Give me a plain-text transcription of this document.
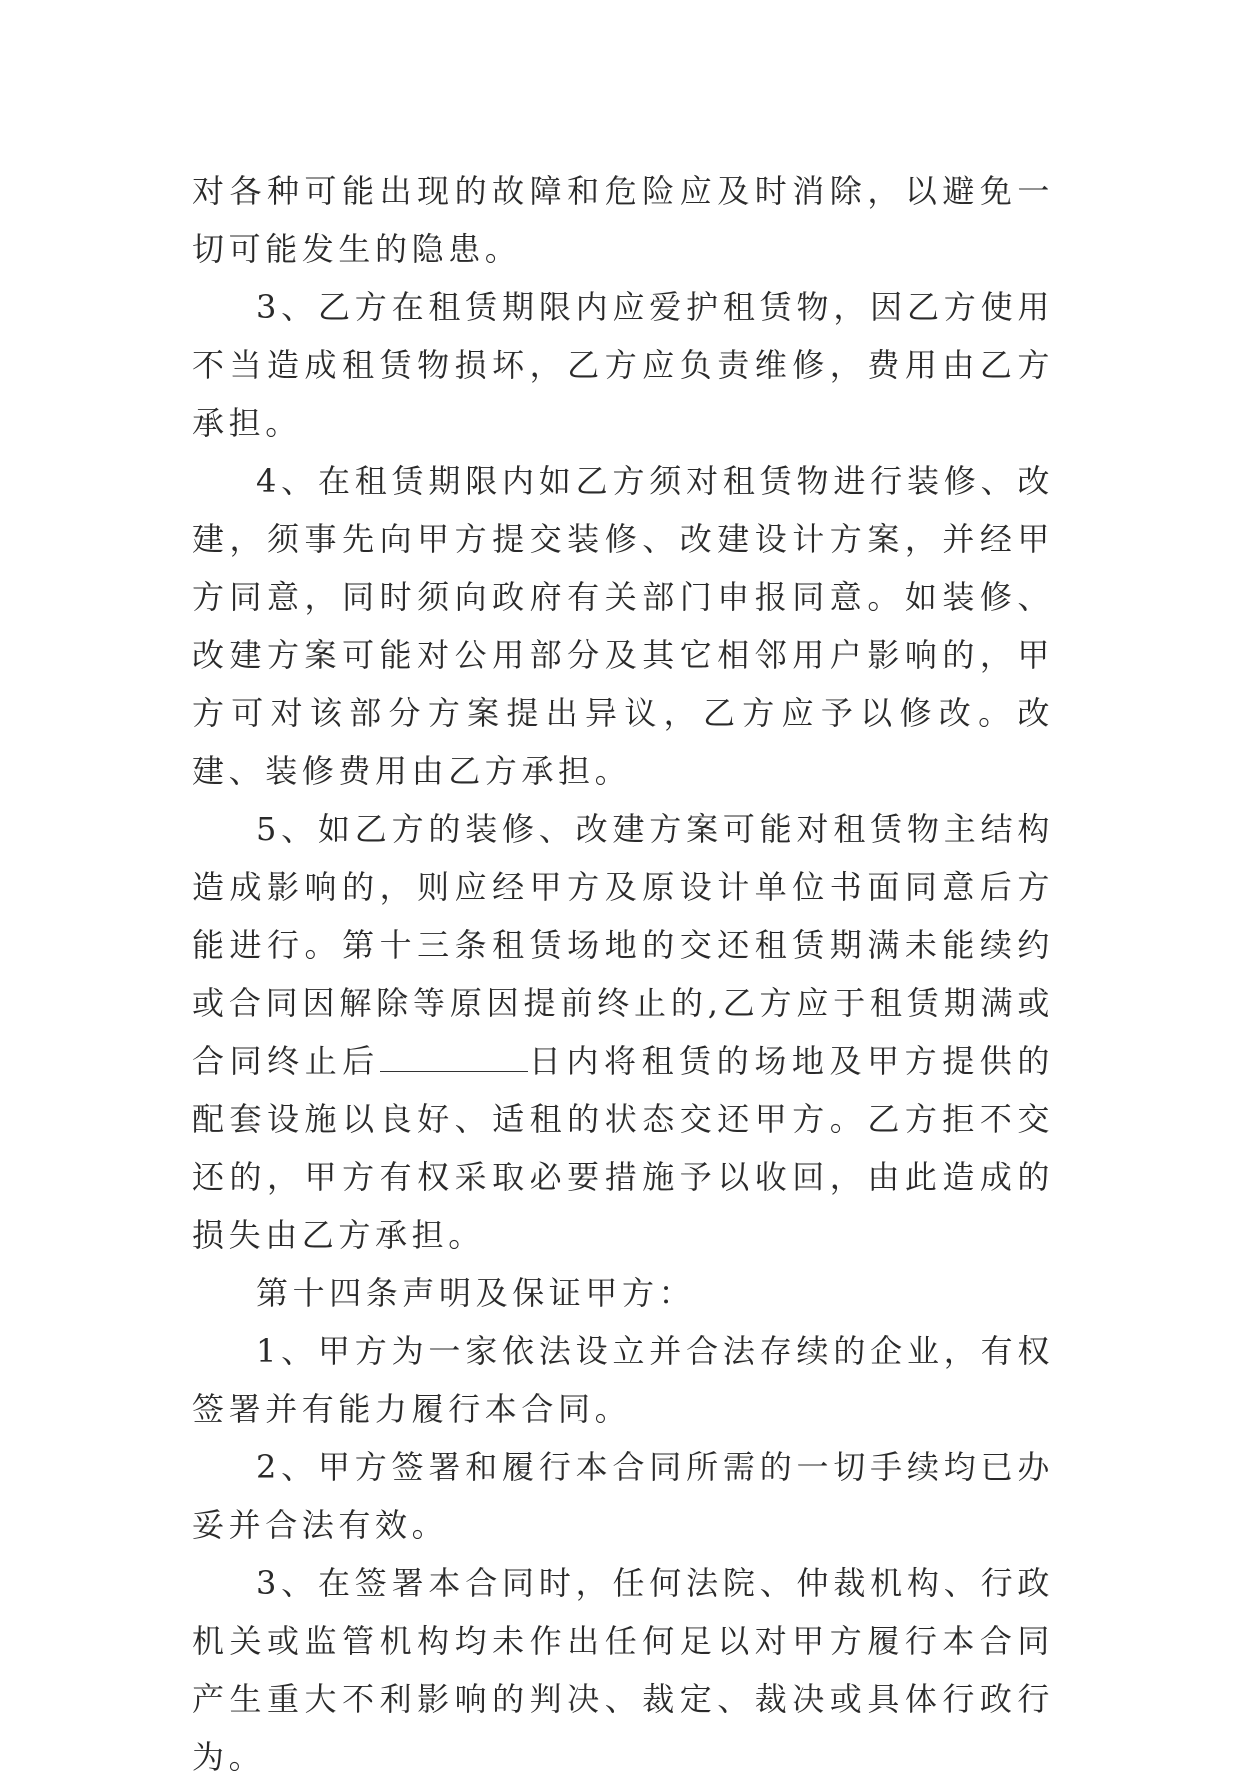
对各种可能出现的故障和危险应及时消除，以避免一切可能发生的隐患。

3、乙方在租赁期限内应爱护租赁物，因乙方使用不当造成租赁物损坏，乙方应负责维修，费用由乙方承担。

4、在租赁期限内如乙方须对租赁物进行装修、改建，须事先向甲方提交装修、改建设计方案，并经甲方同意，同时须向政府有关部门申报同意。如装修、改建方案可能对公用部分及其它相邻用户影响的，甲方可对该部分方案提出异议，乙方应予以修改。改建、装修费用由乙方承担。

5、如乙方的装修、改建方案可能对租赁物主结构造成影响的，则应经甲方及原设计单位书面同意后方能进行。第十三条租赁场地的交还租赁期满未能续约或合同因解除等原因提前终止的,乙方应于租赁期满或合同终止后	日内将租赁的场地及甲方提供的配套设施以良好、适租的状态交还甲方。乙方拒不交还的，甲方有权采取必要措施予以收回，由此造成的损失由乙方承担。

第十四条声明及保证甲方：

1、甲方为一家依法设立并合法存续的企业，有权签署并有能力履行本合同。

2、甲方签署和履行本合同所需的一切手续均已办妥并合法有效。

3、在签署本合同时，任何法院、仲裁机构、行政机关或监管机构均未作出任何足以对甲方履行本合同产生重大不利影响的判决、裁定、裁决或具体行政行为。
